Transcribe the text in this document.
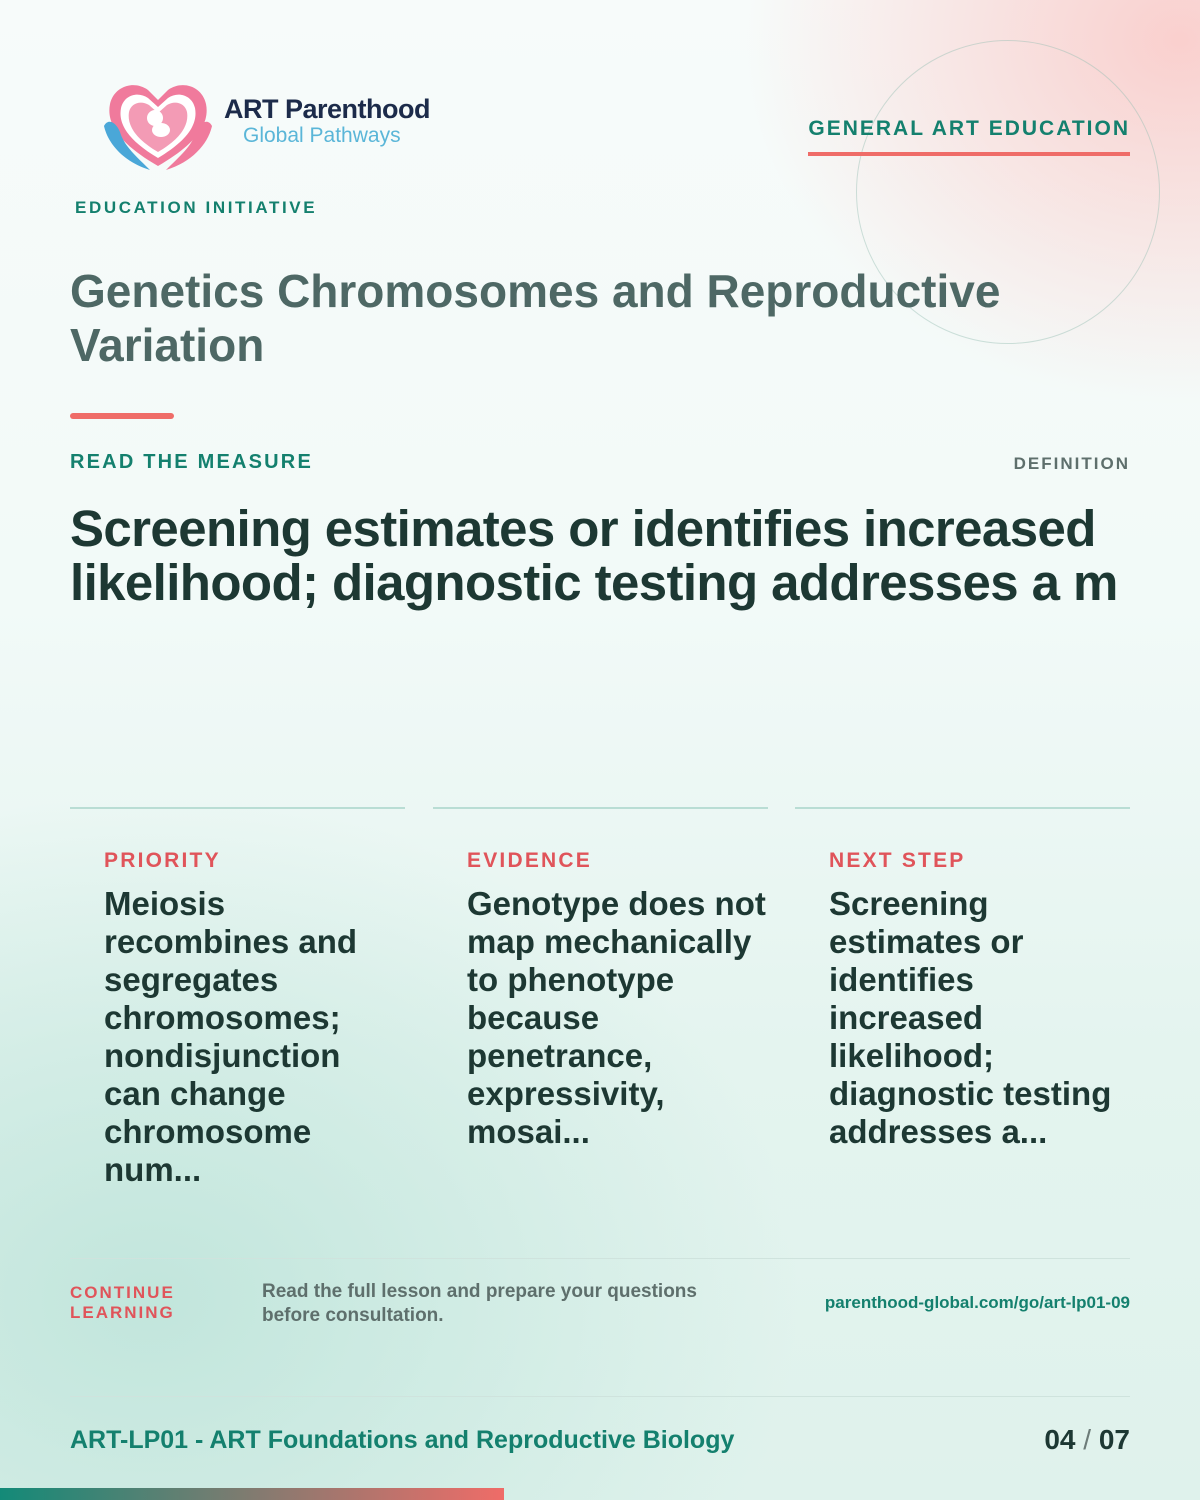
ART Parenthood
Global Pathways
EDUCATION INITIATIVE
GENERAL ART EDUCATION
Genetics Chromosomes and Reproductive Variation
READ THE MEASURE	DEFINITION
Screening estimates or identifies increased likelihood; diagnostic testing addresses a m
PRIORITY
Meiosis recombines and segregates chromosomes; nondisjunction can change chromosome num...
EVIDENCE
Genotype does not map mechanically to phenotype because penetrance, expressivity, mosai...
NEXT STEP
Screening estimates or identifies increased likelihood; diagnostic testing addresses a...
CONTINUE LEARNING
Read the full lesson and prepare your questions before consultation.
parenthood-global.com/go/art-lp01-09
ART-LP01 - ART Foundations and Reproductive Biology	04 / 07
